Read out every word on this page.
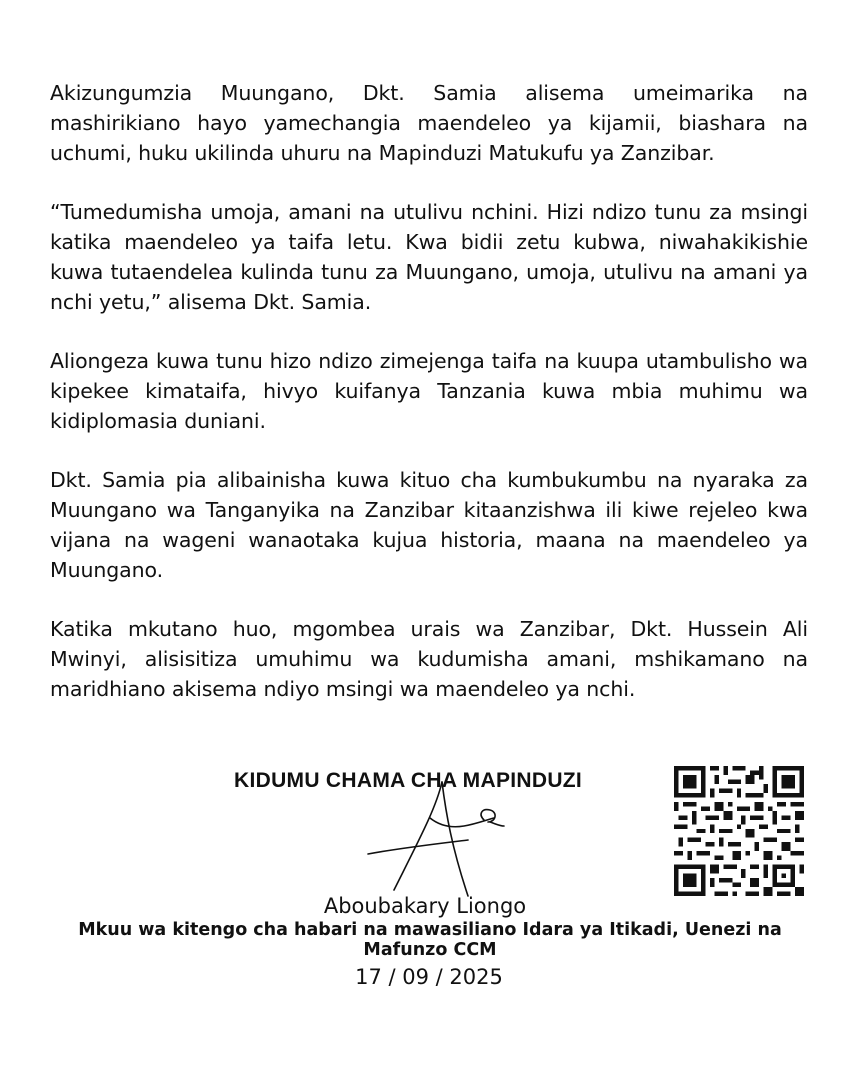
Akizungumzia Muungano, Dkt. Samia alisema umeimarika na mashirikiano hayo yamechangia maendeleo ya kijamii, biashara na uchumi, huku ukilinda uhuru na Mapinduzi Matukufu ya Zanzibar.

“Tumedumisha umoja, amani na utulivu nchini. Hizi ndizo tunu za msingi katika maendeleo ya taifa letu. Kwa bidii zetu kubwa, niwahakikishie kuwa tutaendelea kulinda tunu za Muungano, umoja, utulivu na amani ya nchi yetu,” alisema Dkt. Samia.

Aliongeza kuwa tunu hizo ndizo zimejenga taifa na kuupa utambulisho wa kipekee kimataifa, hivyo kuifanya Tanzania kuwa mbia muhimu wa kidiplomasia duniani.

Dkt. Samia pia alibainisha kuwa kituo cha kumbukumbu na nyaraka za Muungano wa Tanganyika na Zanzibar kitaanzishwa ili kiwe rejeleo kwa vijana na wageni wanaotaka kujua historia, maana na maendeleo ya Muungano.

Katika mkutano huo, mgombea urais wa Zanzibar, Dkt. Hussein Ali Mwinyi, alisisitiza umuhimu wa kudumisha amani, mshikamano na maridhiano akisema ndiyo msingi wa maendeleo ya nchi.

KIDUMU CHAMA CHA MAPINDUZI
Aboubakary Liongo
Mkuu wa kitengo cha habari na mawasiliano Idara ya Itikadi, Uenezi na Mafunzo CCM
17 / 09 / 2025
